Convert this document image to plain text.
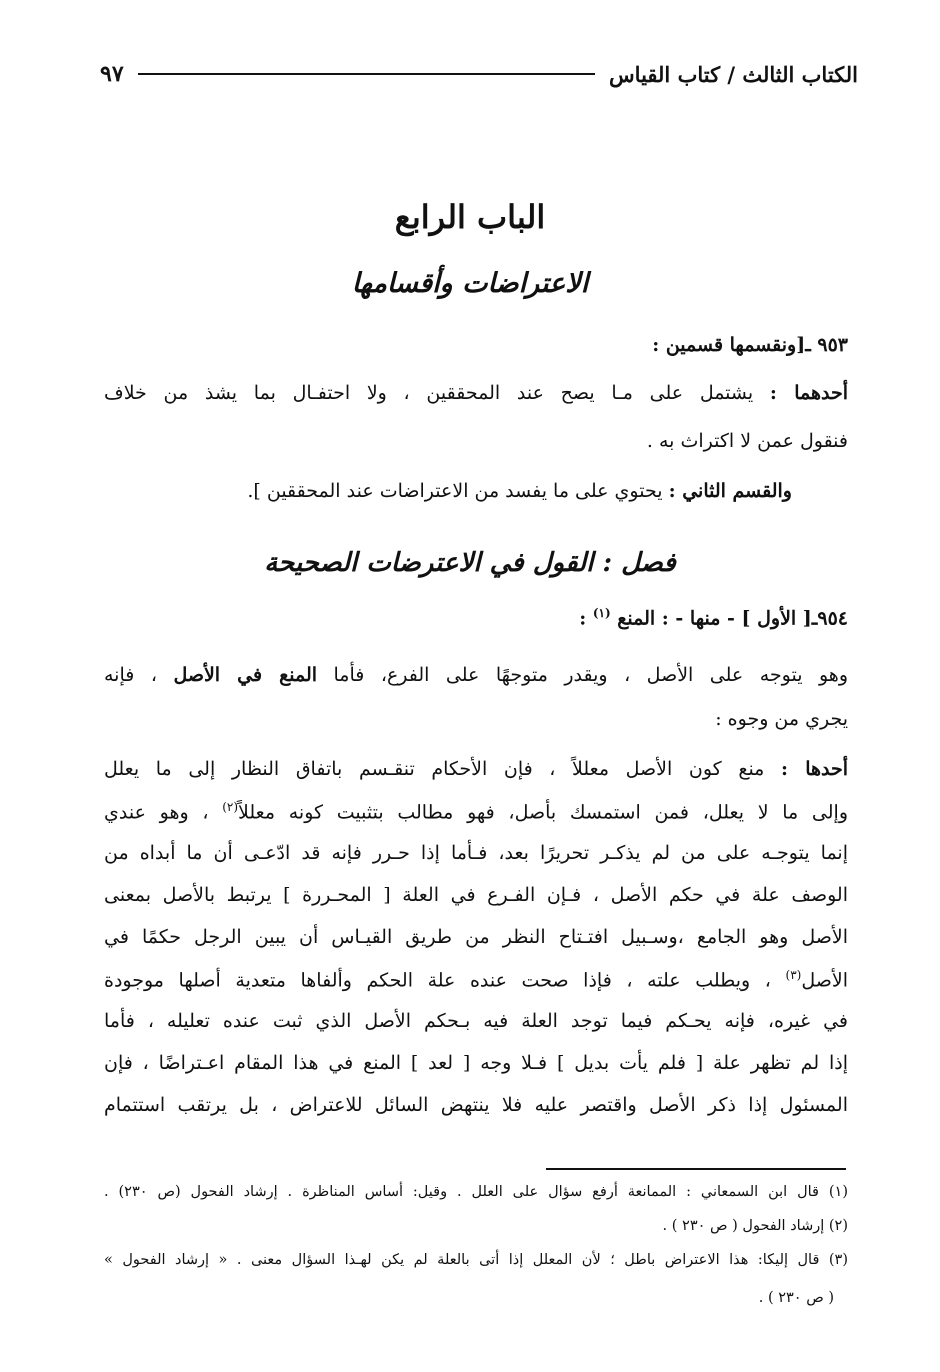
الكتاب الثالث / كتاب القياس
٩٧
الباب الرابع
الاعتراضات وأقسامها
٩٥٣ ـ[ونقسمها قسمين :
أحدهما : يشتمل على مـا يصح عند المحققين ، ولا احتفـال بما يشذ من خلاف
فنقول عمن لا اكتراث به .
والقسم الثاني : يحتوي على ما يفسد من الاعتراضات عند المحققين ].
فصل : القول في الاعترضات الصحيحة
٩٥٤ـ[ الأول ] - منها - : المنع $^{(١)}$ :
وهو يتوجه على الأصل ، ويقدر متوجهًا على الفرع، فأما المنع في الأصل ، فإنه
يجري من وجوه :
أحدها : منع كون الأصل معللاً ، فإن الأحكام تنقـسم باتفاق النظار إلى ما يعلل
وإلى ما لا يعلل، فمن استمسك بأصل، فهو مطالب بتثبيت كونه معللاً$^{(٢)}$ ، وهو عندي
إنما يتوجـه على من لم يذكـر تحريرًا بعد، فـأما إذا حـرر فإنه قد ادّعـى أن ما أبداه من
الوصف علة في حكم الأصل ، فـإن الفـرع في العلة [ المحـررة ] يرتبط بالأصل بمعنى
الأصل وهو الجامع ،وسـبيل افتـتاح النظر من طريق القيـاس أن يبين الرجل حكمًا في
الأصل$^{(٣)}$ ، ويطلب علته ، فإذا صحت عنده علة الحكم وألفاها متعدية أصلها موجودة
في غيره، فإنه يحـكم فيما توجد العلة فيه بـحكم الأصل الذي ثبت عنده تعليله ، فأما
إذا لم تظهر علة [ فلم يأت بديل ] فـلا وجه [ لعد ] المنع في هذا المقام اعـتراضًا ، فإن
المسئول إذا ذكر الأصل واقتصر عليه فلا ينتهض السائل للاعتراض ، بل يرتقب استتمام
(١) قال ابن السمعاني : الممانعة أرفع سؤال على العلل . وقيل: أساس المناظرة . إرشاد الفحول (ص ٢٣٠) .
(٢) إرشاد الفحول ( ص ٢٣٠ ) .
(٣) قال إليكا: هذا الاعتراض باطل ؛ لأن المعلل إذا أتى بالعلة لم يكن لهـذا السؤال معنى . « إرشاد الفحول »
( ص ٢٣٠ ) .
